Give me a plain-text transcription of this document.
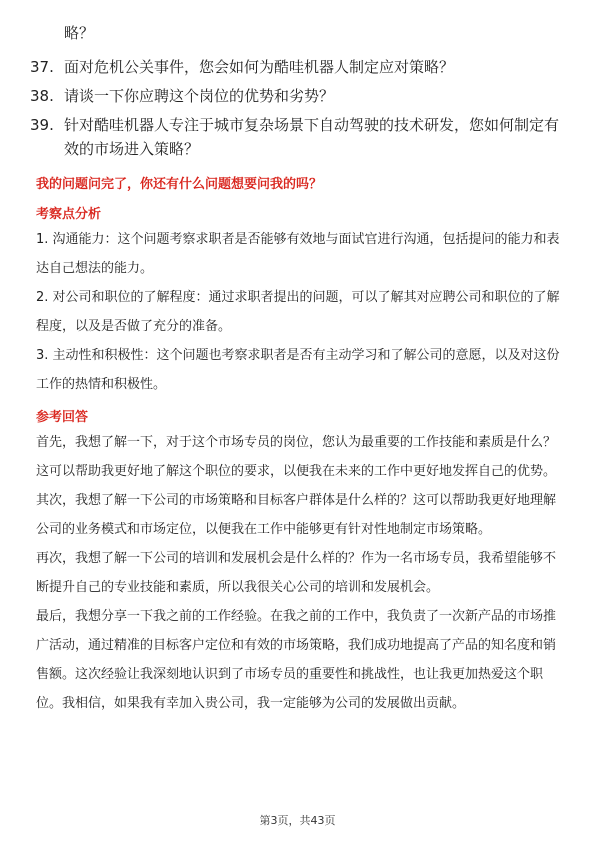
略？
37. 面对危机公关事件，您会如何为酷哇机器人制定应对策略？
38. 请谈一下你应聘这个岗位的优势和劣势？
39. 针对酷哇机器人专注于城市复杂场景下自动驾驶的技术研发，您如何制定有效的市场进入策略？
我的问题问完了，你还有什么问题想要问我的吗？
考察点分析

1. 沟通能力：这个问题考察求职者是否能够有效地与面试官进行沟通，包括提问的能力和表达自己想法的能力。

2. 对公司和职位的了解程度：通过求职者提出的问题，可以了解其对应聘公司和职位的了解程度，以及是否做了充分的准备。

3. 主动性和积极性：这个问题也考察求职者是否有主动学习和了解公司的意愿，以及对这份工作的热情和积极性。

参考回答

首先，我想了解一下，对于这个市场专员的岗位，您认为最重要的工作技能和素质是什么？这可以帮助我更好地了解这个职位的要求，以便我在未来的工作中更好地发挥自己的优势。

其次，我想了解一下公司的市场策略和目标客户群体是什么样的？这可以帮助我更好地理解公司的业务模式和市场定位，以便我在工作中能够更有针对性地制定市场策略。

再次，我想了解一下公司的培训和发展机会是什么样的？作为一名市场专员，我希望能够不断提升自己的专业技能和素质，所以我很关心公司的培训和发展机会。

最后，我想分享一下我之前的工作经验。在我之前的工作中，我负责了一次新产品的市场推广活动，通过精准的目标客户定位和有效的市场策略，我们成功地提高了产品的知名度和销售额。这次经验让我深刻地认识到了市场专员的重要性和挑战性，也让我更加热爱这个职位。我相信，如果我有幸加入贵公司，我一定能够为公司的发展做出贡献。

第3页，共43页
